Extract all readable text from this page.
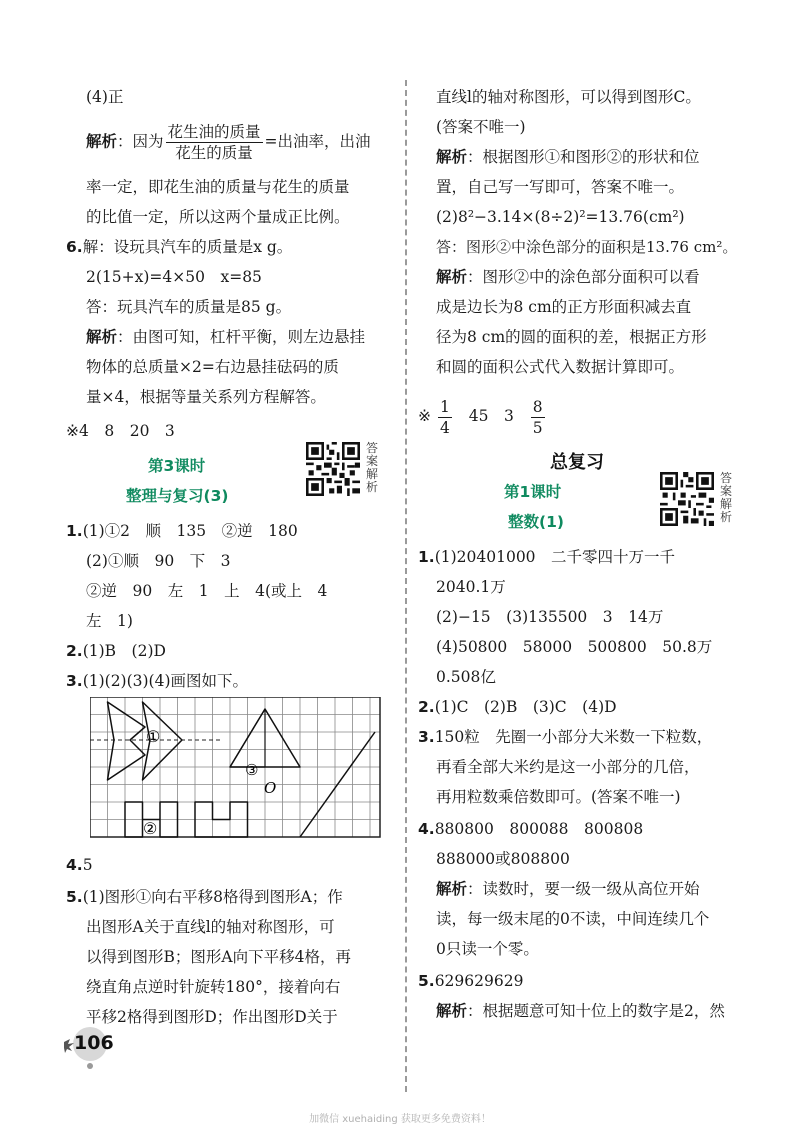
(4)正
解析：因为 $\frac{\text{花生油的质量}}{\text{花生的质量}}$ =出油率，出油
率一定，即花生油的质量与花生的质量
的比值一定，所以这两个量成正比例。
6.解：设玩具汽车的质量是x g。
2(15+x)=4×50　x=85
答：玩具汽车的质量是85 g。
解析：由图可知，杠杆平衡，则左边悬挂
物体的总质量×2=右边悬挂砝码的质
量×4，根据等量关系列方程解答。
※4　8　20　3
第3课时
整理与复习(3)
答案解析
1.(1)①2　顺　135　②逆　180
(2)①顺　90　下　3
②逆　90　左　1　上　4(或上　4
左　1)
2.(1)B　(2)D
3.(1)(2)(3)(4)画图如下。
4.5
5.(1)图形①向右平移8格得到图形A；作
出图形A关于直线l的轴对称图形，可
以得到图形B；图形A向下平移4格，再
绕直角点逆时针旋转180°，接着向右
平移2格得到图形D；作出图形D关于
①
③
O
②
直线l的轴对称图形，可以得到图形C。
(答案不唯一)
解析：根据图形①和图形②的形状和位
置，自己写一写即可，答案不唯一。
(2)8²−3.14×(8÷2)²=13.76(cm²)
答：图形②中涂色部分的面积是13.76 cm²。
解析：图形②中的涂色部分面积可以看
成是边长为8 cm的正方形面积减去直
径为8 cm的圆的面积的差，根据正方形
和圆的面积公式代入数据计算即可。
※ $\frac{1}{4} 45$　$3 \frac{8}{5}$
总复习
第1课时
整数(1)
答案解析
1.(1)20401000　二千零四十万一千
2040.1万
(2)−15　(3)135500　3　14万
(4)50800　58000　500800　50.8万
0.508亿
2.(1)C　(2)B　(3)C　(4)D
3.150粒　先圈一小部分大米数一下粒数，
再看全部大米约是这一小部分的几倍，
再用粒数乘倍数即可。(答案不唯一)
4.880800　800088　800808
888000或808800
解析：读数时，要一级一级从高位开始
读，每一级末尾的0不读，中间连续几个
0只读一个零。
5.629629629
解析：根据题意可知十位上的数字是2，然
106
加微信 xuehaiding 获取更多免费资料！
